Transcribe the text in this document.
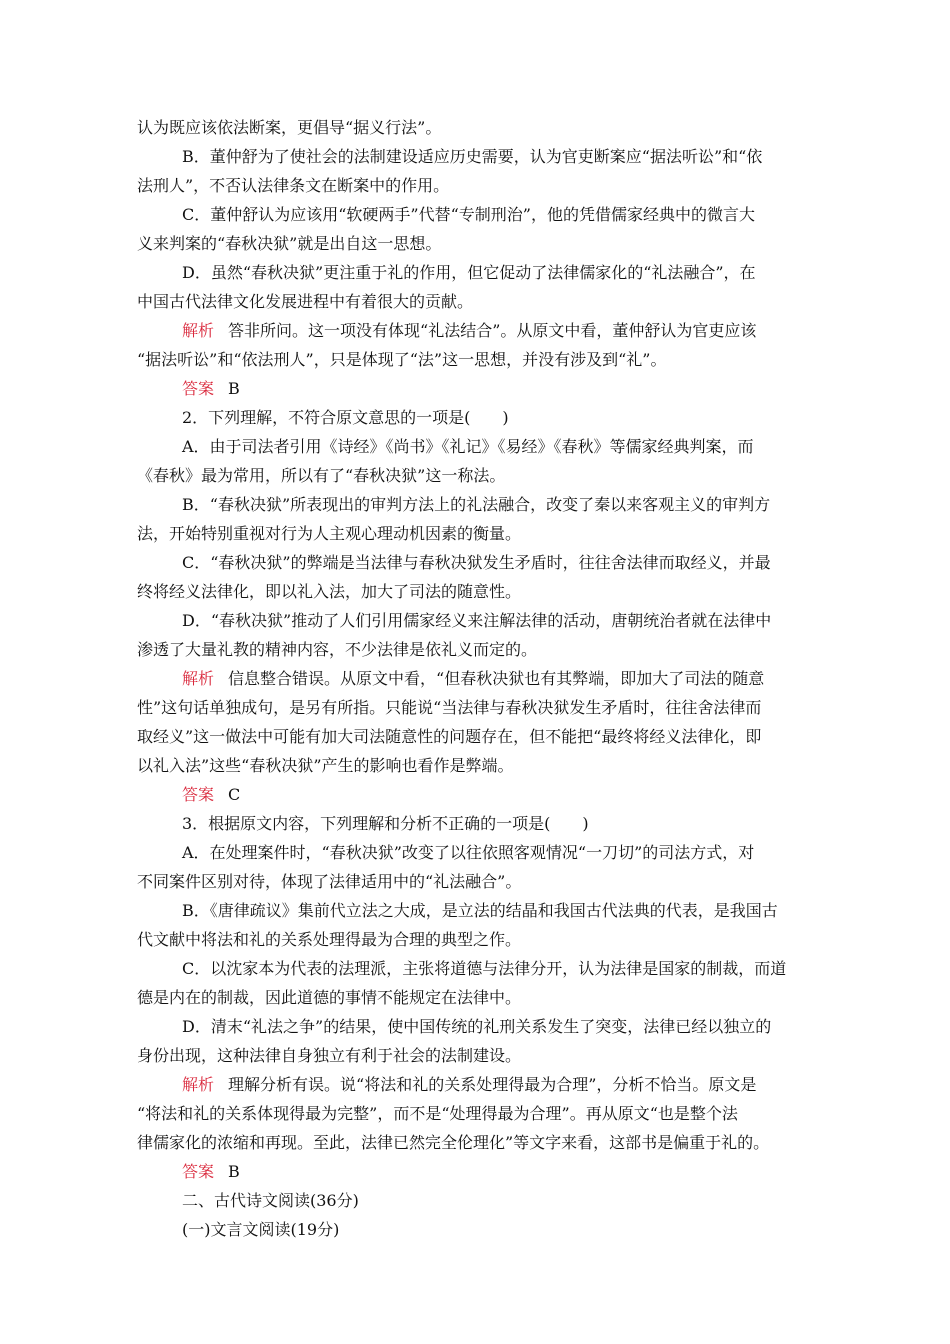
认为既应该依法断案，更倡导“据义行法”。
B．董仲舒为了使社会的法制建设适应历史需要，认为官吏断案应“据法听讼”和“依
法刑人”，不否认法律条文在断案中的作用。
C．董仲舒认为应该用“软硬两手”代替“专制刑治”，他的凭借儒家经典中的微言大
义来判案的“春秋决狱”就是出自这一思想。
D．虽然“春秋决狱”更注重于礼的作用，但它促动了法律儒家化的“礼法融合”，在
中国古代法律文化发展进程中有着很大的贡献。
解析 答非所问。这一项没有体现“礼法结合”。从原文中看，董仲舒认为官吏应该
“据法听讼”和“依法刑人”，只是体现了“法”这一思想，并没有涉及到“礼”。
答案 B
2．下列理解，不符合原文意思的一项是(　　)
A．由于司法者引用《诗经》《尚书》《礼记》《易经》《春秋》等儒家经典判案，而
《春秋》最为常用，所以有了“春秋决狱”这一称法。
B．“春秋决狱”所表现出的审判方法上的礼法融合，改变了秦以来客观主义的审判方
法，开始特别重视对行为人主观心理动机因素的衡量。
C．“春秋决狱”的弊端是当法律与春秋决狱发生矛盾时，往往舍法律而取经义，并最
终将经义法律化，即以礼入法，加大了司法的随意性。
D．“春秋决狱”推动了人们引用儒家经义来注解法律的活动，唐朝统治者就在法律中
渗透了大量礼教的精神内容，不少法律是依礼义而定的。
解析 信息整合错误。从原文中看，“但春秋决狱也有其弊端，即加大了司法的随意
性”这句话单独成句，是另有所指。只能说“当法律与春秋决狱发生矛盾时，往往舍法律而
取经义”这一做法中可能有加大司法随意性的问题存在，但不能把“最终将经义法律化，即
以礼入法”这些“春秋决狱”产生的影响也看作是弊端。
答案 C
3．根据原文内容，下列理解和分析不正确的一项是(　　)
A．在处理案件时，“春秋决狱”改变了以往依照客观情况“一刀切”的司法方式，对
不同案件区别对待，体现了法律适用中的“礼法融合”。
B．《唐律疏议》集前代立法之大成，是立法的结晶和我国古代法典的代表，是我国古
代文献中将法和礼的关系处理得最为合理的典型之作。
C．以沈家本为代表的法理派，主张将道德与法律分开，认为法律是国家的制裁，而道
德是内在的制裁，因此道德的事情不能规定在法律中。
D．清末“礼法之争”的结果，使中国传统的礼刑关系发生了突变，法律已经以独立的
身份出现，这种法律自身独立有利于社会的法制建设。
解析 理解分析有误。说“将法和礼的关系处理得最为合理”，分析不恰当。原文是
“将法和礼的关系体现得最为完整”，而不是“处理得最为合理”。再从原文“也是整个法
律儒家化的浓缩和再现。至此，法律已然完全伦理化”等文字来看，这部书是偏重于礼的。
答案 B
二、古代诗文阅读(36分)
(一)文言文阅读(19分)
